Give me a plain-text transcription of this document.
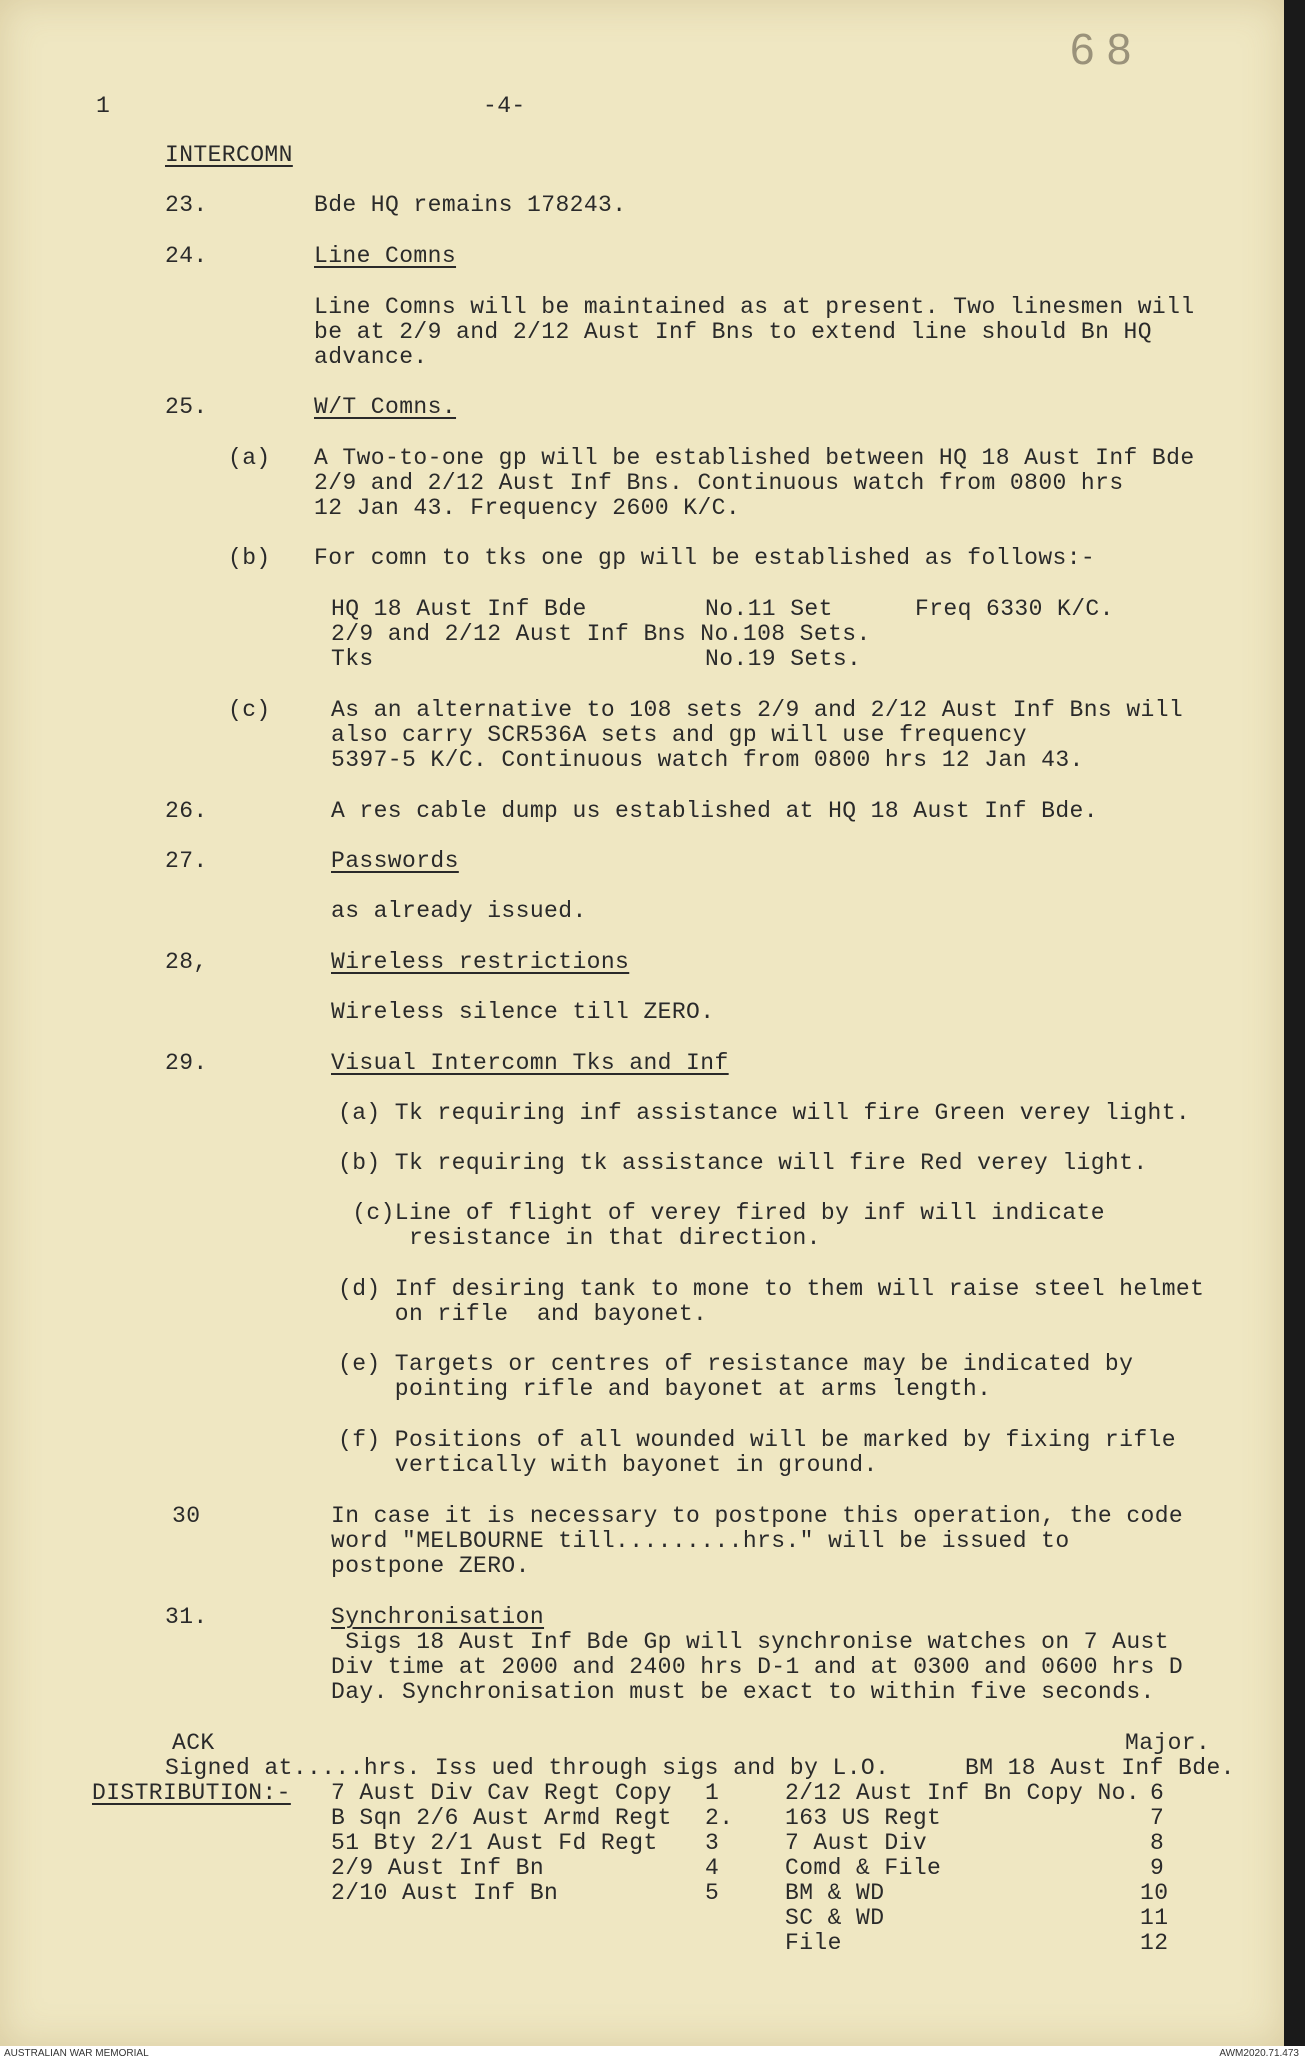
6 8
1	-4-
INTERCOMN
23.	Bde HQ remains 178243.
24.	Line Comns
Line Comns will be maintained as at present. Two linesmen will
be at 2/9 and 2/12 Aust Inf Bns to extend line should Bn HQ
advance.
25.	W/T Comns.
(a) A Two-to-one gp will be established between HQ 18 Aust Inf Bde
2/9 and 2/12 Aust Inf Bns. Continuous watch from 0800 hrs
12 Jan 43. Frequency 2600 K/C.
(b) For comn to tks one gp will be established as follows:-
HQ 18 Aust Inf Bde	No.11 Set	Freq 6330 K/C.
2/9 and 2/12 Aust Inf Bns No.108 Sets.
Tks	No.19 Sets.
(c)	As an alternative to 108 sets 2/9 and 2/12 Aust Inf Bns will
also carry SCR536A sets and gp will use frequency
5397-5 K/C. Continuous watch from 0800 hrs 12 Jan 43.
26.	A res cable dump us established at HQ 18 Aust Inf Bde.
27.	Passwords
as already issued.
28,	Wireless restrictions
Wireless silence till ZERO.
29.	Visual Intercomn Tks and Inf
(a) Tk requiring inf assistance will fire Green verey light.
(b) Tk requiring tk assistance will fire Red verey light.
(c)Line of flight of verey fired by inf will indicate
resistance in that direction.
(d) Inf desiring tank to mone to them will raise steel helmet
on rifle  and bayonet.
(e) Targets or centres of resistance may be indicated by
pointing rifle and bayonet at arms length.
(f) Positions of all wounded will be marked by fixing rifle
vertically with bayonet in ground.
30	In case it is necessary to postpone this operation, the code
word "MELBOURNE till.........hrs." will be issued to
postpone ZERO.
31.	Synchronisation
Sigs 18 Aust Inf Bde Gp will synchronise watches on 7 Aust
Div time at 2000 and 2400 hrs D-1 and at 0300 and 0600 hrs D
Day. Synchronisation must be exact to within five seconds.
ACK	Major.
Signed at.....hrs. Iss ued through sigs and by L.O.	BM 18 Aust Inf Bde.
DISTRIBUTION:- 7 Aust Div Cav Regt Copy 1
B Sqn 2/6 Aust Armd Regt 2.
51 Bty 2/1 Aust Fd Regt 3
2/9 Aust Inf Bn	4
2/10 Aust Inf Bn	5
2/12 Aust Inf Bn Copy No. 6
163 US Regt	7
7 Aust Div	8
Comd & File	9
BM & WD	10
SC & WD	11
File	12
AUSTRALIAN WAR MEMORIAL	AWM2020.71.473
